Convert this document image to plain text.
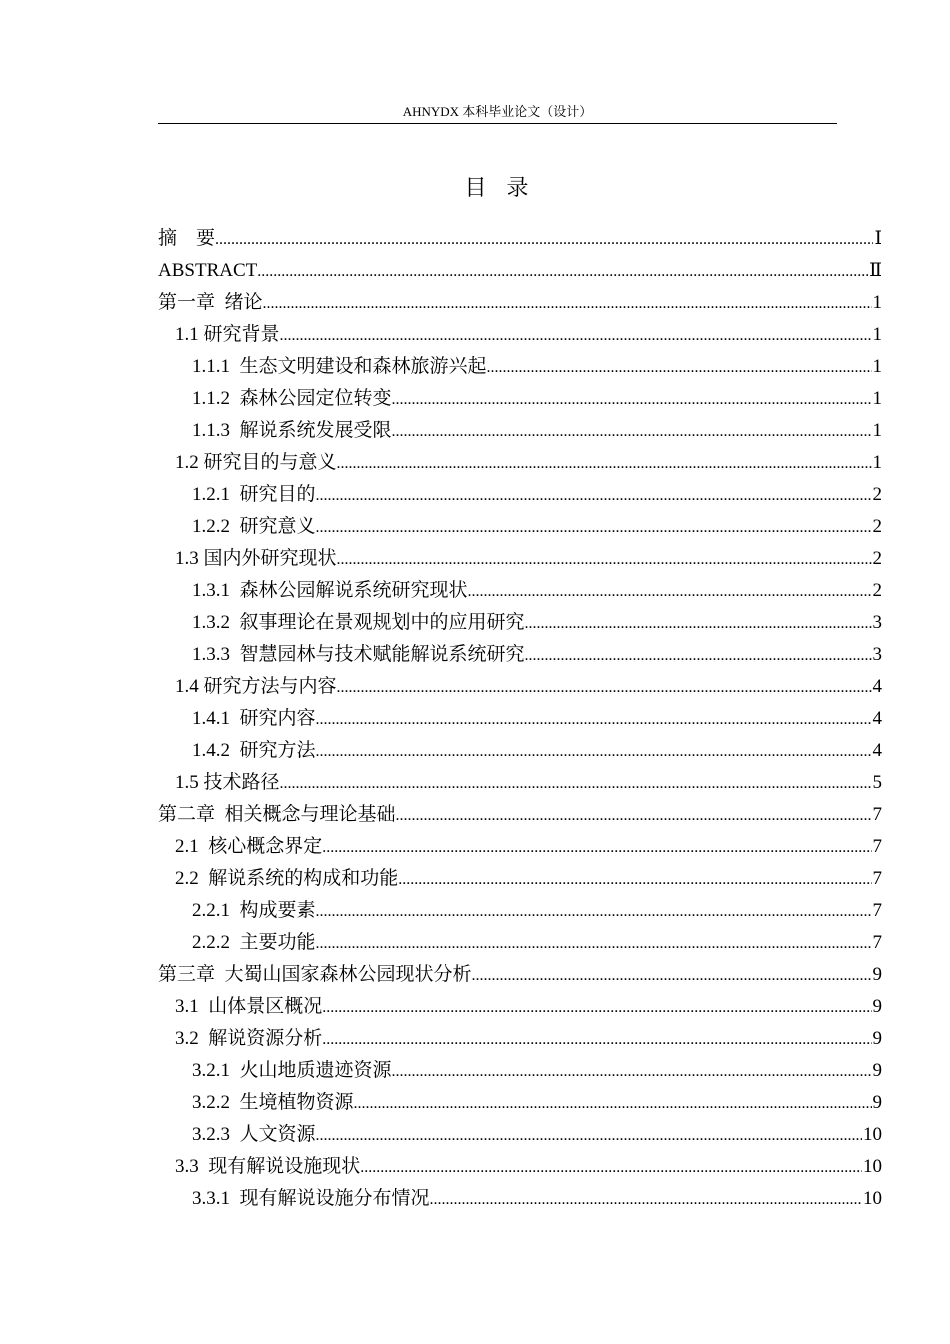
AHNYDX 本科毕业论文（设计）
目  录
摘    要 .....	Ⅰ
ABSTRACT .....	Ⅱ
第一章  绪论 .....	1
1.1 研究背景 .....	1
1.1.1  生态文明建设和森林旅游兴起 .....	1
1.1.2  森林公园定位转变 .....	1
1.1.3  解说系统发展受限 .....	1
1.2 研究目的与意义 .....	1
1.2.1  研究目的 .....	2
1.2.2  研究意义 .....	2
1.3 国内外研究现状 .....	2
1.3.1  森林公园解说系统研究现状 .....	2
1.3.2  叙事理论在景观规划中的应用研究 .....	3
1.3.3  智慧园林与技术赋能解说系统研究 .....	3
1.4 研究方法与内容 .....	4
1.4.1  研究内容 .....	4
1.4.2  研究方法 .....	4
1.5 技术路径 .....	5
第二章  相关概念与理论基础 .....	7
2.1  核心概念界定 .....	7
2.2  解说系统的构成和功能 .....	7
2.2.1  构成要素 .....	7
2.2.2  主要功能 .....	7
第三章  大蜀山国家森林公园现状分析 .....	9
3.1  山体景区概况 .....	9
3.2  解说资源分析 .....	9
3.2.1  火山地质遗迹资源 .....	9
3.2.2  生境植物资源 .....	9
3.2.3  人文资源 .....	10
3.3  现有解说设施现状 .....	10
3.3.1  现有解说设施分布情况 .....	10
